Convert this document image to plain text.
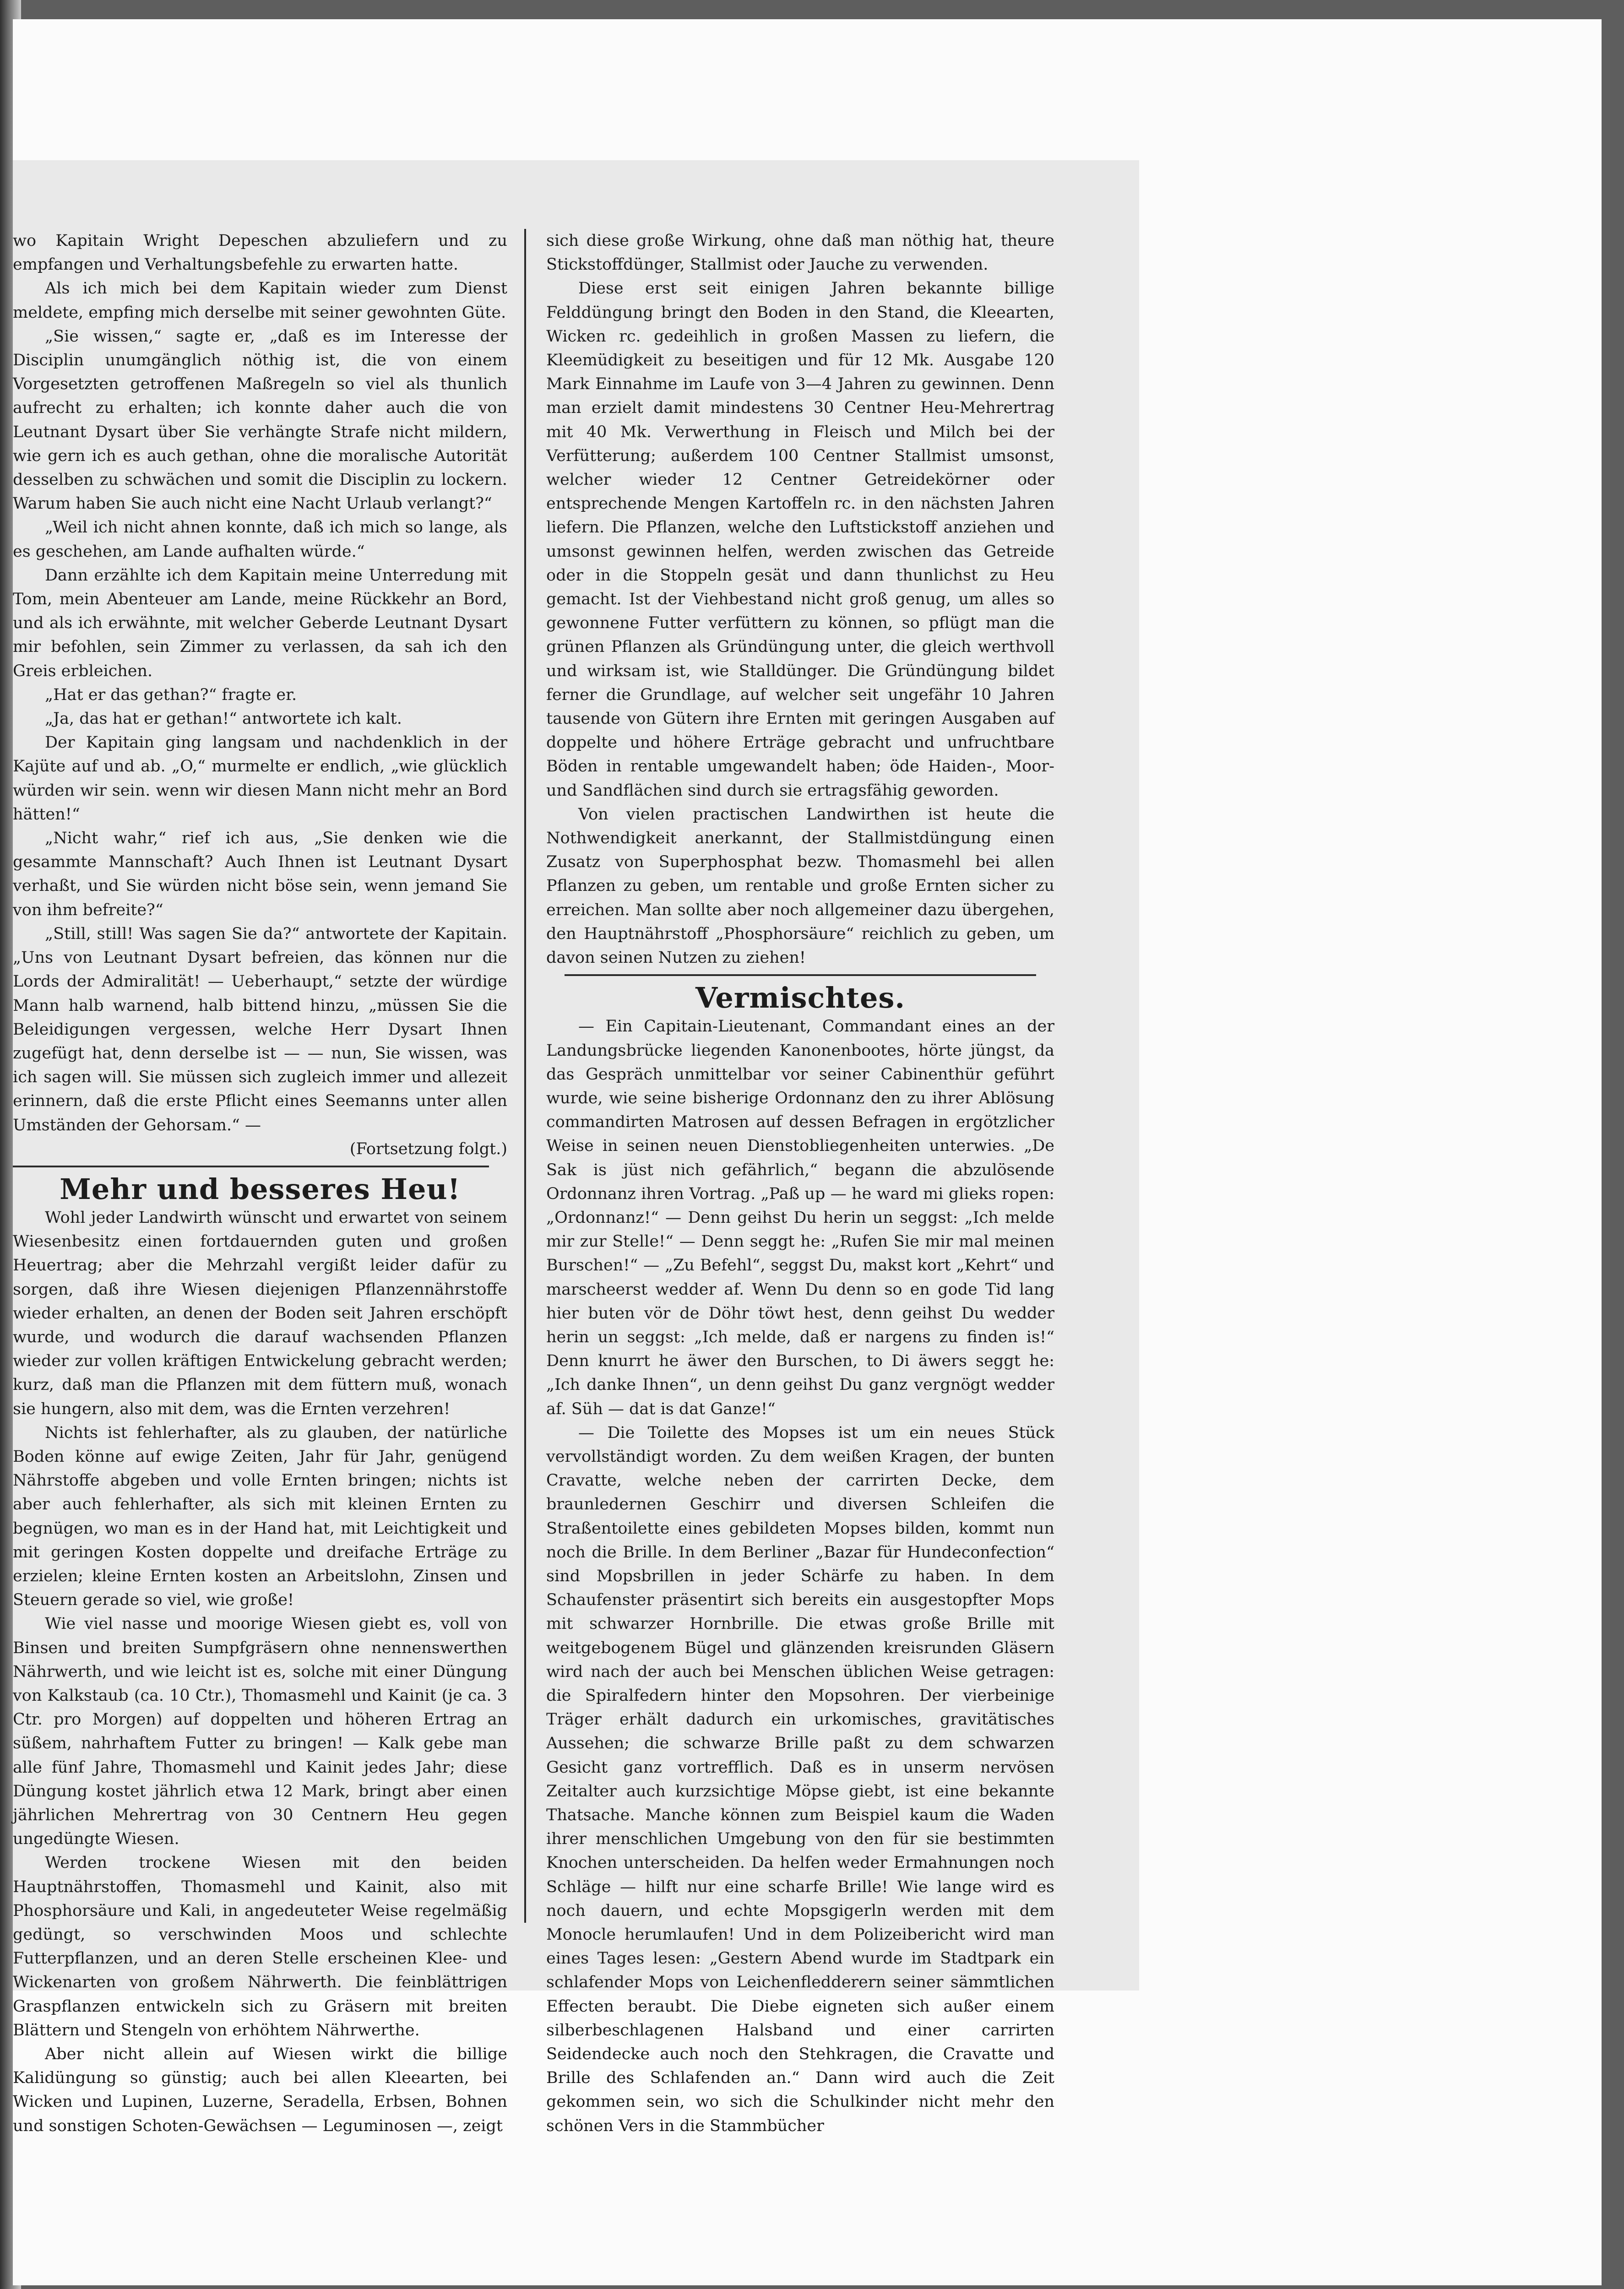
wo Kapitain Wright Depeschen abzuliefern und zu empfangen und Verhaltungsbefehle zu erwarten hatte.

Als ich mich bei dem Kapitain wieder zum Dienst meldete, empfing mich derselbe mit seiner gewohnten Güte.

„Sie wissen,“ sagte er, „daß es im Interesse der Disciplin unumgänglich nöthig ist, die von einem Vorgesetzten getroffenen Maßregeln so viel als thunlich aufrecht zu erhalten; ich konnte daher auch die von Leutnant Dysart über Sie verhängte Strafe nicht mildern, wie gern ich es auch gethan, ohne die moralische Autorität desselben zu schwächen und somit die Disciplin zu lockern. Warum haben Sie auch nicht eine Nacht Urlaub verlangt?“

„Weil ich nicht ahnen konnte, daß ich mich so lange, als es geschehen, am Lande aufhalten würde.“

Dann erzählte ich dem Kapitain meine Unterredung mit Tom, mein Abenteuer am Lande, meine Rückkehr an Bord, und als ich erwähnte, mit welcher Geberde Leutnant Dysart mir befohlen, sein Zimmer zu verlassen, da sah ich den Greis erbleichen.

„Hat er das gethan?“ fragte er.

„Ja, das hat er gethan!“ antwortete ich kalt.

Der Kapitain ging langsam und nachdenklich in der Kajüte auf und ab. „O,“ murmelte er endlich, „wie glücklich würden wir sein. wenn wir diesen Mann nicht mehr an Bord hätten!“

„Nicht wahr,“ rief ich aus, „Sie denken wie die gesammte Mannschaft? Auch Ihnen ist Leutnant Dysart verhaßt, und Sie würden nicht böse sein, wenn jemand Sie von ihm befreite?“

„Still, still! Was sagen Sie da?“ antwortete der Kapitain. „Uns von Leutnant Dysart befreien, das können nur die Lords der Admiralität! — Ueberhaupt,“ setzte der würdige Mann halb warnend, halb bittend hinzu, „müssen Sie die Beleidigungen vergessen, welche Herr Dysart Ihnen zugefügt hat, denn derselbe ist — — nun, Sie wissen, was ich sagen will. Sie müssen sich zugleich immer und allezeit erinnern, daß die erste Pflicht eines Seemanns unter allen Umständen der Gehorsam.“ —

(Fortsetzung folgt.)

Mehr und besseres Heu!

Wohl jeder Landwirth wünscht und erwartet von seinem Wiesenbesitz einen fortdauernden guten und großen Heuertrag; aber die Mehrzahl vergißt leider dafür zu sorgen, daß ihre Wiesen diejenigen Pflanzennährstoffe wieder erhalten, an denen der Boden seit Jahren erschöpft wurde, und wodurch die darauf wachsenden Pflanzen wieder zur vollen kräftigen Entwickelung gebracht werden; kurz, daß man die Pflanzen mit dem füttern muß, wonach sie hungern, also mit dem, was die Ernten verzehren!

Nichts ist fehlerhafter, als zu glauben, der natürliche Boden könne auf ewige Zeiten, Jahr für Jahr, genügend Nährstoffe abgeben und volle Ernten bringen; nichts ist aber auch fehlerhafter, als sich mit kleinen Ernten zu begnügen, wo man es in der Hand hat, mit Leichtigkeit und mit geringen Kosten doppelte und dreifache Erträge zu erzielen; kleine Ernten kosten an Arbeitslohn, Zinsen und Steuern gerade so viel, wie große!

Wie viel nasse und moorige Wiesen giebt es, voll von Binsen und breiten Sumpfgräsern ohne nennenswerthen Nährwerth, und wie leicht ist es, solche mit einer Düngung von Kalkstaub (ca. 10 Ctr.), Thomasmehl und Kainit (je ca. 3 Ctr. pro Morgen) auf doppelten und höheren Ertrag an süßem, nahrhaftem Futter zu bringen! — Kalk gebe man alle fünf Jahre, Thomasmehl und Kainit jedes Jahr; diese Düngung kostet jährlich etwa 12 Mark, bringt aber einen jährlichen Mehrertrag von 30 Centnern Heu gegen ungedüngte Wiesen.

Werden trockene Wiesen mit den beiden Hauptnährstoffen, Thomasmehl und Kainit, also mit Phosphorsäure und Kali, in angedeuteter Weise regelmäßig gedüngt, so verschwinden Moos und schlechte Futterpflanzen, und an deren Stelle erscheinen Klee- und Wickenarten von großem Nährwerth. Die feinblättrigen Graspflanzen entwickeln sich zu Gräsern mit breiten Blättern und Stengeln von erhöhtem Nährwerthe.

Aber nicht allein auf Wiesen wirkt die billige Kalidüngung so günstig; auch bei allen Kleearten, bei Wicken und Lupinen, Luzerne, Seradella, Erbsen, Bohnen und sonstigen Schoten-Gewächsen — Leguminosen —, zeigt

sich diese große Wirkung, ohne daß man nöthig hat, theure Stickstoffdünger, Stallmist oder Jauche zu verwenden.

Diese erst seit einigen Jahren bekannte billige Felddüngung bringt den Boden in den Stand, die Kleearten, Wicken rc. gedeihlich in großen Massen zu liefern, die Kleemüdigkeit zu beseitigen und für 12 Mk. Ausgabe 120 Mark Einnahme im Laufe von 3—4 Jahren zu gewinnen. Denn man erzielt damit mindestens 30 Centner Heu-Mehrertrag mit 40 Mk. Verwerthung in Fleisch und Milch bei der Verfütterung; außerdem 100 Centner Stallmist umsonst, welcher wieder 12 Centner Getreidekörner oder entsprechende Mengen Kartoffeln rc. in den nächsten Jahren liefern. Die Pflanzen, welche den Luftstickstoff anziehen und umsonst gewinnen helfen, werden zwischen das Getreide oder in die Stoppeln gesät und dann thunlichst zu Heu gemacht. Ist der Viehbestand nicht groß genug, um alles so gewonnene Futter verfüttern zu können, so pflügt man die grünen Pflanzen als Gründüngung unter, die gleich werthvoll und wirksam ist, wie Stalldünger. Die Gründüngung bildet ferner die Grundlage, auf welcher seit ungefähr 10 Jahren tausende von Gütern ihre Ernten mit geringen Ausgaben auf doppelte und höhere Erträge gebracht und unfruchtbare Böden in rentable umgewandelt haben; öde Haiden-, Moor- und Sandflächen sind durch sie ertragsfähig geworden.

Von vielen practischen Landwirthen ist heute die Nothwendigkeit anerkannt, der Stallmistdüngung einen Zusatz von Superphosphat bezw. Thomasmehl bei allen Pflanzen zu geben, um rentable und große Ernten sicher zu erreichen. Man sollte aber noch allgemeiner dazu übergehen, den Hauptnährstoff „Phosphorsäure“ reichlich zu geben, um davon seinen Nutzen zu ziehen!

Vermischtes.

— Ein Capitain-Lieutenant, Commandant eines an der Landungsbrücke liegenden Kanonenbootes, hörte jüngst, da das Gespräch unmittelbar vor seiner Cabinenthür geführt wurde, wie seine bisherige Ordonnanz den zu ihrer Ablösung commandirten Matrosen auf dessen Befragen in ergötzlicher Weise in seinen neuen Dienstobliegenheiten unterwies. „De Sak is jüst nich gefährlich,“ begann die abzulösende Ordonnanz ihren Vortrag. „Paß up — he ward mi glieks ropen: „Ordonnanz!“ — Denn geihst Du herin un seggst: „Ich melde mir zur Stelle!“ — Denn seggt he: „Rufen Sie mir mal meinen Burschen!“ — „Zu Befehl“, seggst Du, makst kort „Kehrt“ und marscheerst wedder af. Wenn Du denn so en gode Tid lang hier buten vör de Döhr töwt hest, denn geihst Du wedder herin un seggst: „Ich melde, daß er nargens zu finden is!“ Denn knurrt he äwer den Burschen, to Di äwers seggt he: „Ich danke Ihnen“, un denn geihst Du ganz vergnögt wedder af. Süh — dat is dat Ganze!“

— Die Toilette des Mopses ist um ein neues Stück vervollständigt worden. Zu dem weißen Kragen, der bunten Cravatte, welche neben der carrirten Decke, dem braunledernen Geschirr und diversen Schleifen die Straßentoilette eines gebildeten Mopses bilden, kommt nun noch die Brille. In dem Berliner „Bazar für Hundeconfection“ sind Mopsbrillen in jeder Schärfe zu haben. In dem Schaufenster präsentirt sich bereits ein ausgestopfter Mops mit schwarzer Hornbrille. Die etwas große Brille mit weitgebogenem Bügel und glänzenden kreisrunden Gläsern wird nach der auch bei Menschen üblichen Weise getragen: die Spiralfedern hinter den Mopsohren. Der vierbeinige Träger erhält dadurch ein urkomisches, gravitätisches Aussehen; die schwarze Brille paßt zu dem schwarzen Gesicht ganz vortrefflich. Daß es in unserm nervösen Zeitalter auch kurzsichtige Möpse giebt, ist eine bekannte Thatsache. Manche können zum Beispiel kaum die Waden ihrer menschlichen Umgebung von den für sie bestimmten Knochen unterscheiden. Da helfen weder Ermahnungen noch Schläge — hilft nur eine scharfe Brille! Wie lange wird es noch dauern, und echte Mopsgigerln werden mit dem Monocle herumlaufen! Und in dem Polizeibericht wird man eines Tages lesen: „Gestern Abend wurde im Stadtpark ein schlafender Mops von Leichenfledderern seiner sämmtlichen Effecten beraubt. Die Diebe eigneten sich außer einem silberbeschlagenen Halsband und einer carrirten Seidendecke auch noch den Stehkragen, die Cravatte und Brille des Schlafenden an.“ Dann wird auch die Zeit gekommen sein, wo sich die Schulkinder nicht mehr den schönen Vers in die Stammbücher
